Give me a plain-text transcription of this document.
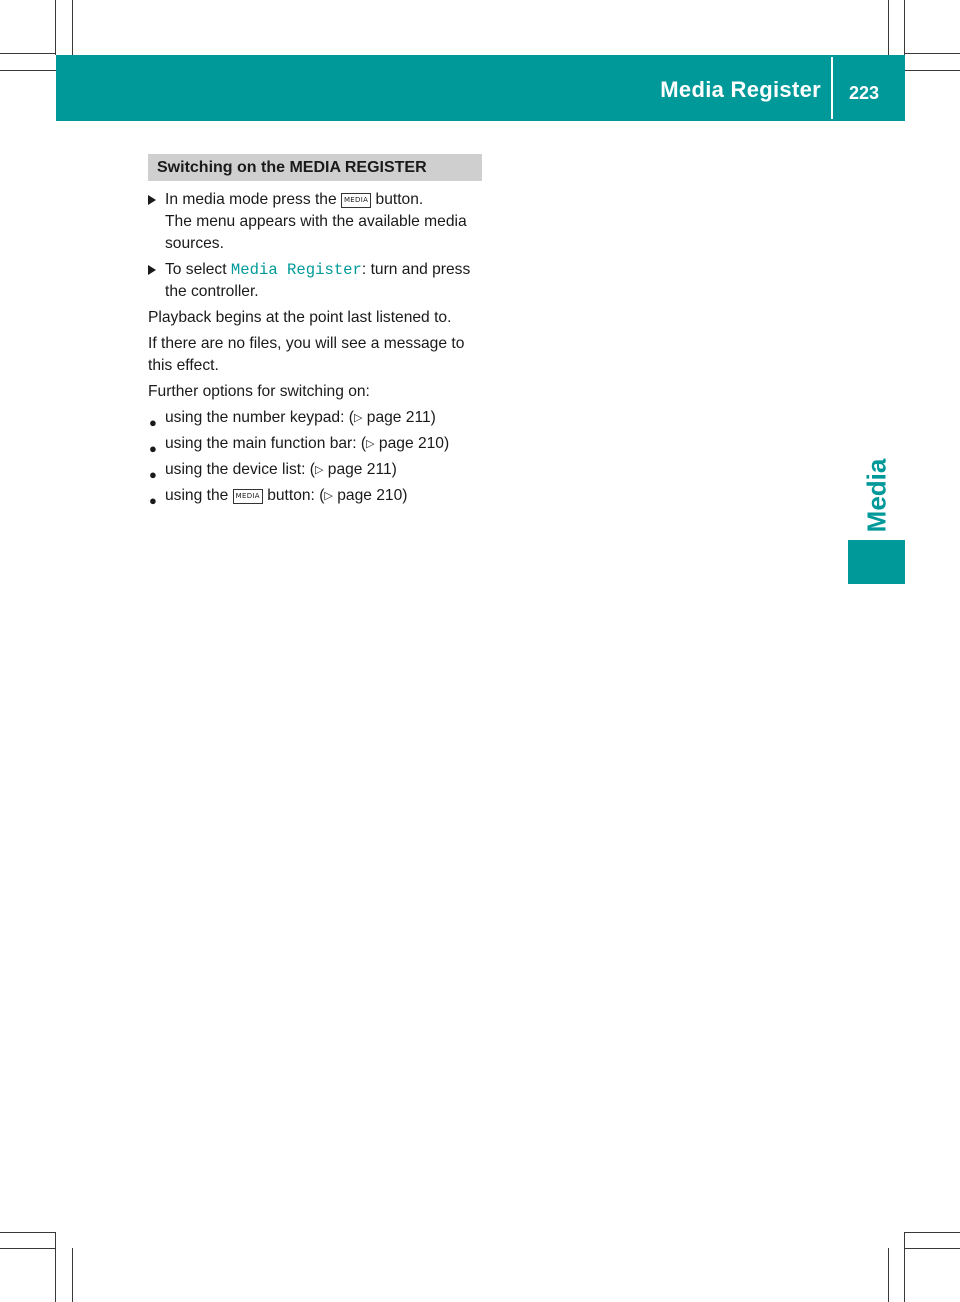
Media Register 223
Media
Switching on the MEDIA REGISTER
In media mode press the MEDIA button.
The menu appears with the available media sources.
To select Media Register: turn and press the controller.
Playback begins at the point last listened to.
If there are no files, you will see a message to this effect.
Further options for switching on:
● using the number keypad: (▷ page 211)
● using the main function bar: (▷ page 210)
● using the device list: (▷ page 211)
● using the MEDIA button: (▷ page 210)
